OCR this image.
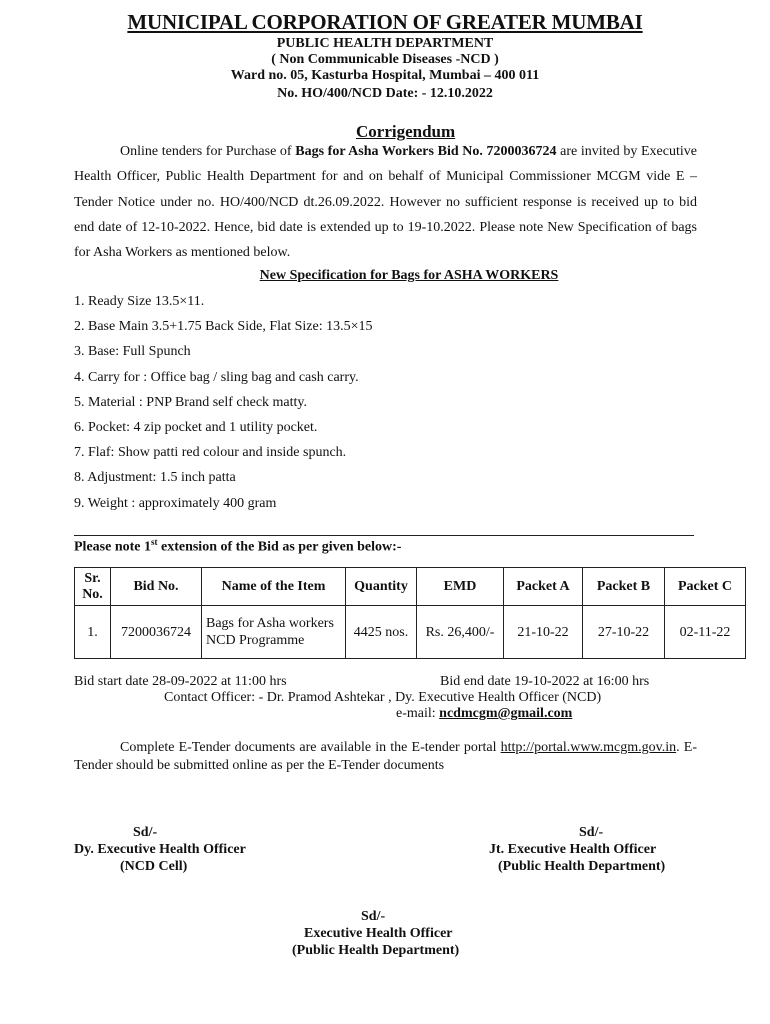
MUNICIPAL CORPORATION OF GREATER MUMBAI
PUBLIC HEALTH DEPARTMENT
( Non Communicable Diseases -NCD )
Ward no. 05, Kasturba Hospital, Mumbai – 400 011
No. HO/400/NCD Date: - 12.10.2022
Corrigendum
Online tenders for Purchase of Bags for Asha Workers Bid No. 7200036724 are invited by Executive Health Officer, Public Health Department for and on behalf of Municipal Commissioner MCGM vide E – Tender Notice under no. HO/400/NCD dt.26.09.2022. However no sufficient response is received up to bid end date of 12-10-2022. Hence, bid date is extended up to 19-10.2022. Please note New Specification of bags for Asha Workers as mentioned below.
New Specification for Bags for ASHA WORKERS
1. Ready Size 13.5×11.
2. Base Main 3.5+1.75 Back Side, Flat Size: 13.5×15
3. Base: Full Spunch
4. Carry for : Office bag / sling bag and cash carry.
5. Material : PNP Brand self check matty.
6. Pocket: 4 zip pocket and 1 utility pocket.
7. Flaf: Show patti red colour and inside spunch.
8. Adjustment: 1.5 inch patta
9. Weight : approximately 400 gram
Please note 1st extension of the Bid as per given below:-
Sr. No.	Bid No.	Name of the Item	Quantity	EMD	Packet A	Packet B	Packet C
1.	7200036724	Bags for Asha workers NCD Programme	4425 nos.	Rs. 26,400/-	21-10-22	27-10-22	02-11-22
Bid start date 28-09-2022 at 11:00 hrs	Bid end date 19-10-2022 at 16:00 hrs
Contact Officer: - Dr. Pramod Ashtekar , Dy. Executive Health Officer (NCD)
e-mail: ncdmcgm@gmail.com
Complete E-Tender documents are available in the E-tender portal http://portal.www.mcgm.gov.in. E-Tender should be submitted online as per the E-Tender documents
Sd/-
Dy. Executive Health Officer
(NCD Cell)
Sd/-
Jt. Executive Health Officer
(Public Health Department)
Sd/-
Executive Health Officer
(Public Health Department)
